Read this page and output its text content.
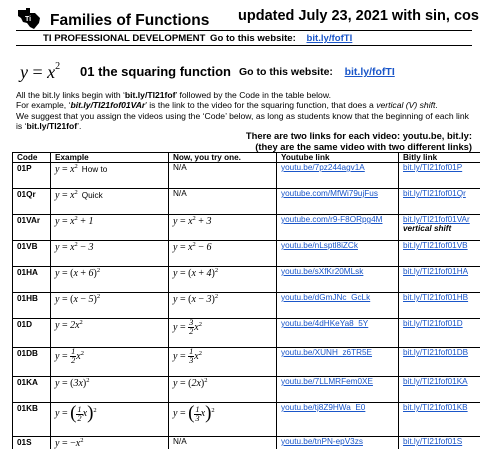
Ti Families of Functions updated July 23, 2021 with sin, cos
TI PROFESSIONAL DEVELOPMENT Go to this website: bit.ly/fofTI
$y = x^2$ 01 the squaring function Go to this website: bit.ly/fofTI
All the bit.ly links begin with ‘bit.ly/TI21fof’ followed by the Code in the table below.
For example, ‘bit.ly/TI21fof01VAr’ is the link to the video for the squaring function, that does a vertical (V) shift.
We suggest that you assign the videos using the ‘Code’ below, as long as students know that the beginning of each link is ‘bit.ly/TI21fof’.
There are two links for each video: youtu.be, bit.ly:
(they are the same video with two different links)
Code	Example	Now, you try one.	Youtube link	Bitly link
01P	$y = x^2$ How to	N/A	youtu.be/7pz244agv1A	bit.ly/TI21fof01P
01Qr	$y = x^2$ Quick	N/A	youtube.com/MfWi79ujFus	bit.ly/TI21fof01Qr
01VAr	$y = x^2 + 1$	$y = x^2 + 3$	youtube.com/r9-F8ORpg4M	bit.ly/TI21fof01VAr
vertical shift

01VB	$y = x^2 - 3$	$y = x^2 - 6$	youtu.be/nLsptl8iZCk	bit.ly/TI21fof01VB
01HA	$y = (x + 6)^2$	$y = (x + 4)^2$	youtu.be/sXfKr20MLsk	bit.ly/TI21fof01HA
01HB	$y = (x - 5)^2$	$y = (x - 3)^2$	youtu.be/dGmJNc_GcLk	bit.ly/TI21fof01HB
01D	$y = 2x^2$	$y = \frac{3}{2} x^2$	youtu.be/4dHKeYa8_5Y	bit.ly/TI21fof01D
01DB	$y = \frac{1}{2} x^2$	$y = \frac{1}{3} x^2$	youtu.be/XUNH_z6TR5E	bit.ly/TI21fof01DB
01KA	$y = (3x)^2$	$y = (2x)^2$	youtu.be/7LLMRFem0XE	bit.ly/TI21fof01KA
01KB	y = ( $\frac{1}{2} x)^2$	y = ( $\frac{1}{3} x)^2$	youtu.be/tj8Z9HWa_E0	bit.ly/TI21fof01KB
01S	$y = -x^2$	N/A	youtu.be/tnPN-epV3zs	bit.ly/TI21fof01S
